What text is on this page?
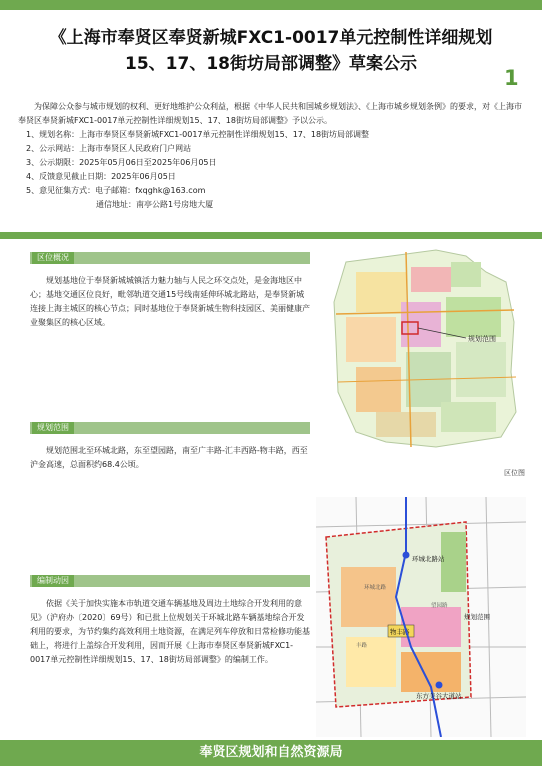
《上海市奉贤区奉贤新城FXC1-0017单元控制性详细规划
15、17、18街坊局部调整》草案公示
1

为保障公众参与城市规划的权利、更好地维护公众利益，根据《中华人民共和国城乡规划法》、《上海市城乡规划条例》的要求，对《上海市奉贤区奉贤新城FXC1-0017单元控制性详细规划15、17、18街坊局部调整》予以公示。

1、规划名称：上海市奉贤区奉贤新城FXC1-0017单元控制性详细规划15、17、18街坊局部调整
2、公示网站：上海市奉贤区人民政府门户网站
3、公示期限：2025年05月06日至2025年06月05日
4、反馈意见截止日期：2025年06月05日
5、意见征集方式：电子邮箱：fxqghk@163.com
通信地址：南亭公路1号房地大厦
区位概况
规划基地位于奉贤新城城镇活力魅力轴与人民之环交点处，是金海地区中心；基地交通区位良好，毗邻轨道交通15号线南延伸环城北路站，是奉贤新城连接上海主城区的核心节点；同时基地位于奉贤新城生物科技园区、美丽健康产业聚集区的核心区域。
规划范围
规划范围北至环城北路，东至望园路，南至广丰路-汇丰西路-物丰路，西至沪金高速，总面积约68.4公顷。
编制动因
依据《关于加快实施本市轨道交通车辆基地及周边土地综合开发利用的意见》（沪府办〔2020〕69号）和已批上位规划关于环城北路车辆基地综合开发利用的要求，为节约集约高效利用土地资源，在满足列车停放和日常检修功能基础上，将进行上盖综合开发利用，因而开展《上海市奉贤区奉贤新城FXC1-0017单元控制性详细规划15、17、18街坊局部调整》的编制工作。
规划范围
区位图
物丰路
环城北路站
东方美谷大道站
规划范围
环城北路
望园路
丰路
奉贤区规划和自然资源局
